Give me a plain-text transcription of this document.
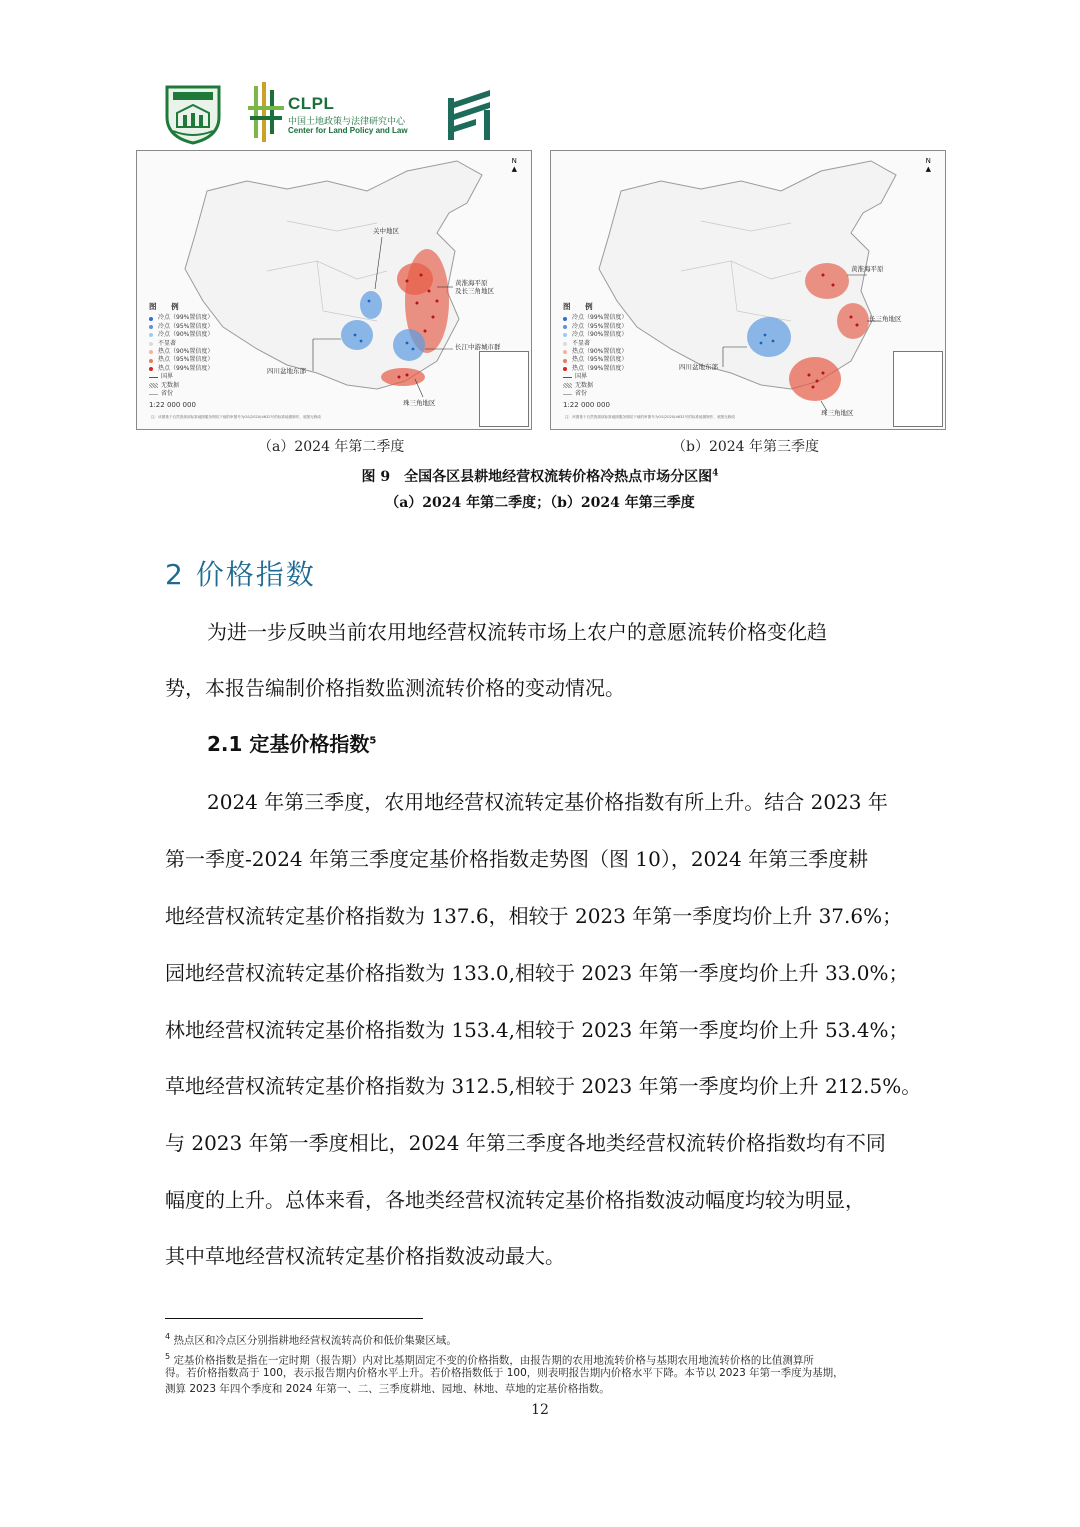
CLPL
中国土地政策与法律研究中心
Center for Land Policy and Law
关中地区
黄淮海平原
及长三角地区
四川盆地东部
长江中游城市群
珠三角地区
N
▲
图 例
冷点（99%置信度）
冷点（95%置信度）
冷点（90%置信度）
不显著
热点（90%置信度）
热点（95%置信度）
热点（99%置信度）
国界
无数据
省份
1:22 000 000
注：该图基于自然资源部标准地图服务网站下载的审图号为GS(2020)4632号的标准地图制作，底图无修改
黄淮海平原
长三角地区
四川盆地东部
珠三角地区
N
▲
图 例
冷点（99%置信度）
冷点（95%置信度）
冷点（90%置信度）
不显著
热点（90%置信度）
热点（95%置信度）
热点（99%置信度）
国界
无数据
省份
1:22 000 000
注：该图基于自然资源部标准地图服务网站下载的审图号为GS(2020)4632号的标准地图制作，底图无修改
（a）2024 年第二季度	（b）2024 年第三季度
图 9　全国各区县耕地经营权流转价格冷热点市场分区图$^4$
（a）2024 年第二季度；（b）2024 年第三季度
2 价格指数
为进一步反映当前农用地经营权流转市场上农户的意愿流转价格变化趋
势，本报告编制价格指数监测流转价格的变动情况。
2.1 定基价格指数$^5$
2024 年第三季度，农用地经营权流转定基价格指数有所上升。结合 2023 年
第一季度-2024 年第三季度定基价格指数走势图（图 10），2024 年第三季度耕
地经营权流转定基价格指数为 137.6，相较于 2023 年第一季度均价上升 37.6%；
园地经营权流转定基价格指数为 133.0,相较于 2023 年第一季度均价上升 33.0%；
林地经营权流转定基价格指数为 153.4,相较于 2023 年第一季度均价上升 53.4%；
草地经营权流转定基价格指数为 312.5,相较于 2023 年第一季度均价上升 212.5%。
与 2023 年第一季度相比，2024 年第三季度各地类经营权流转价格指数均有不同
幅度的上升。总体来看，各地类经营权流转定基价格指数波动幅度均较为明显，
其中草地经营权流转定基价格指数波动最大。
$^4$ 热点区和冷点区分别指耕地经营权流转高价和低价集聚区域。
$^5$ 定基价格指数是指在一定时期（报告期）内对比基期固定不变的价格指数，由报告期的农用地流转价格与基期农用地流转价格的比值测算所
得。若价格指数高于 100，表示报告期内价格水平上升。若价格指数低于 100，则表明报告期内价格水平下降。本节以 2023 年第一季度为基期，
测算 2023 年四个季度和 2024 年第一、二、三季度耕地、园地、林地、草地的定基价格指数。
12
